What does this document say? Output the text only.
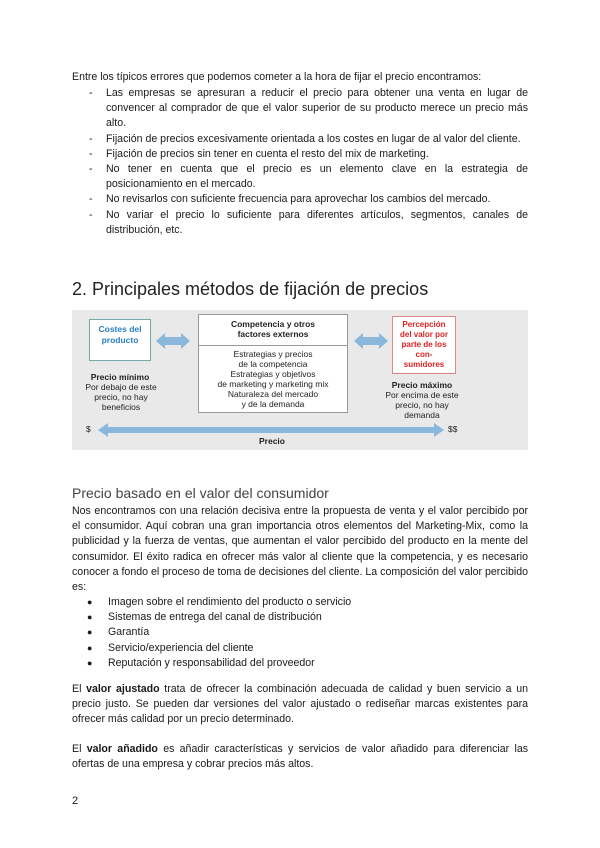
Entre los típicos errores que podemos cometer a la hora de fijar el precio encontramos:

- Las empresas se apresuran a reducir el precio para obtener una venta en lugar de convencer al comprador de que el valor superior de su producto merece un precio más alto.
- Fijación de precios excesivamente orientada a los costes en lugar de al valor del cliente.
- Fijación de precios sin tener en cuenta el resto del mix de marketing.
- No tener en cuenta que el precio es un elemento clave en la estrategia de posicionamiento en el mercado.
- No revisarlos con suficiente frecuencia para aprovechar los cambios del mercado.
- No variar el precio lo suficiente para diferentes artículos, segmentos, canales de distribución, etc.
2. Principales métodos de fijación de precios
Costes del producto
Competencia y otros factores externos
Estrategias y precios
de la competencia
Estrategias y objetivos
de marketing y marketing mix
Naturaleza del mercado
y de la demanda
Percepción del valor por parte de los con- sumidores
Precio mínimo
Por debajo de este precio, no hay beneficios
Precio máximo
Por encima de este precio, no hay demanda
$	$$
Precio
Precio basado en el valor del consumidor

Nos encontramos con una relación decisiva entre la propuesta de venta y el valor percibido por el consumidor. Aquí cobran una gran importancia otros elementos del Marketing-Mix, como la publicidad y la fuerza de ventas, que aumentan el valor percibido del producto en la mente del consumidor. El éxito radica en ofrecer más valor al cliente que la competencia, y es necesario conocer a fondo el proceso de toma de decisiones del cliente. La composición del valor percibido es:

● Imagen sobre el rendimiento del producto o servicio
● Sistemas de entrega del canal de distribución
● Garantía
● Servicio/experiencia del cliente
● Reputación y responsabilidad del proveedor

El valor ajustado trata de ofrecer la combinación adecuada de calidad y buen servicio a un precio justo. Se pueden dar versiones del valor ajustado o rediseñar marcas existentes para ofrecer más calidad por un precio determinado.

El valor añadido es añadir características y servicios de valor añadido para diferenciar las ofertas de una empresa y cobrar precios más altos.

2
